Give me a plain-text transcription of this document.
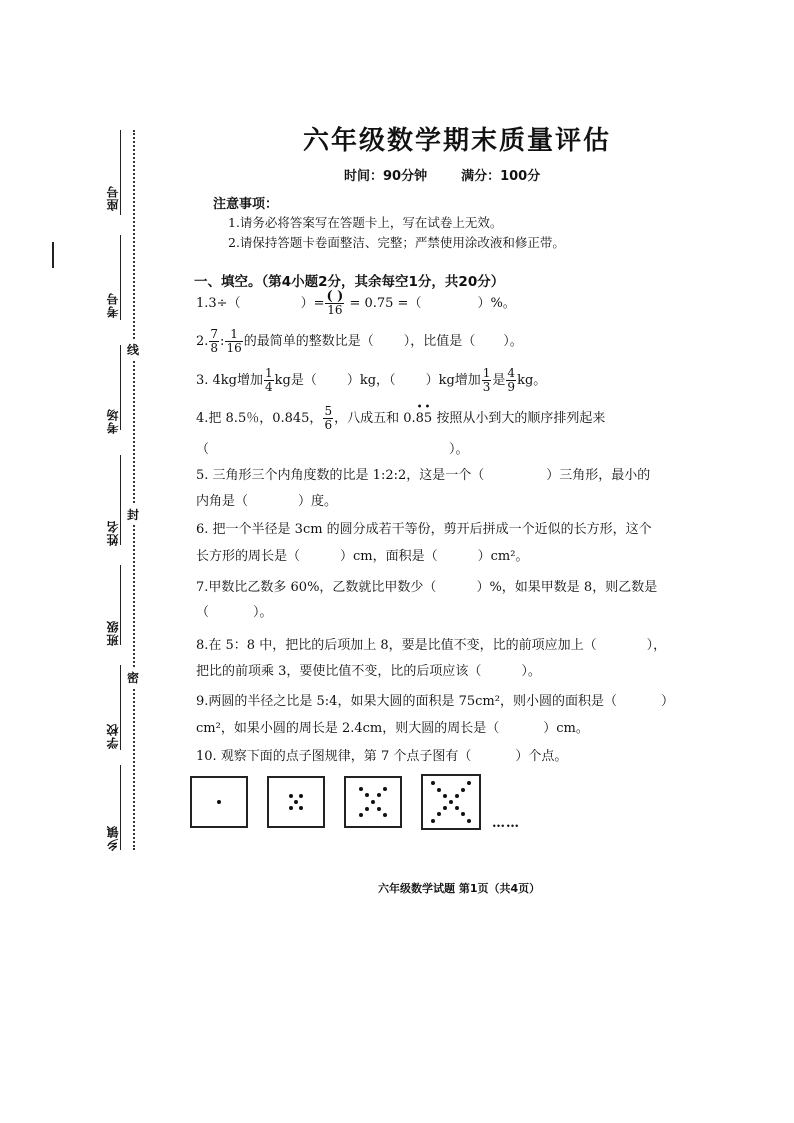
线
封
密
座号
考号
考场
姓名
班级
学校
乡镇
六年级数学期末质量评估
时间：90分钟	满分：100分
注意事项：
1.请务必将答案写在答题卡上，写在试卷上无效。
2.请保持答题卡卷面整洁、完整；严禁使用涂改液和修正带。
一、填空。（第4小题2分，其余每空1分，共20分）
1.3÷（	）= $\frac{( )}{16} = 0.75$ =（	）%。
2. $\frac{7}{8}$ : $\frac{1}{16}$ 的最简单的整数比是（ ），比值是（ ）。
3. 4kg增加 $\frac{1}{4}$ kg是（ ）kg，（ ）kg增加 $\frac{1}{3}$ 是 $\frac{4}{9}$ kg。
4.把 8.5％，0.845， $\frac{5}{6}$ ，八成五和 0.85
••
按照从小到大的顺序排列起来
（	）。
5. 三角形三个内角度数的比是 1:2:2，这是一个（	）三角形，最小的
内角是（	）度。
6. 把一个半径是 3cm 的圆分成若干等份，剪开后拼成一个近似的长方形，这个
长方形的周长是（	）cm，面积是（	）cm²。
7.甲数比乙数多 60%，乙数就比甲数少（	）%，如果甲数是 8，则乙数是
（	）。
8.在 5：8 中，把比的后项加上 8，要是比值不变，比的前项应加上（	），
把比的前项乘 3，要使比值不变，比的后项应该（	）。
9.两圆的半径之比是 5:4，如果大圆的面积是 75cm²，则小圆的面积是（	）
cm²，如果小圆的周长是 2.4cm，则大圆的周长是（	）cm。
10. 观察下面的点子图规律，第 7 个点子图有（	）个点。
……
六年级数学试题 第1页（共4页）
